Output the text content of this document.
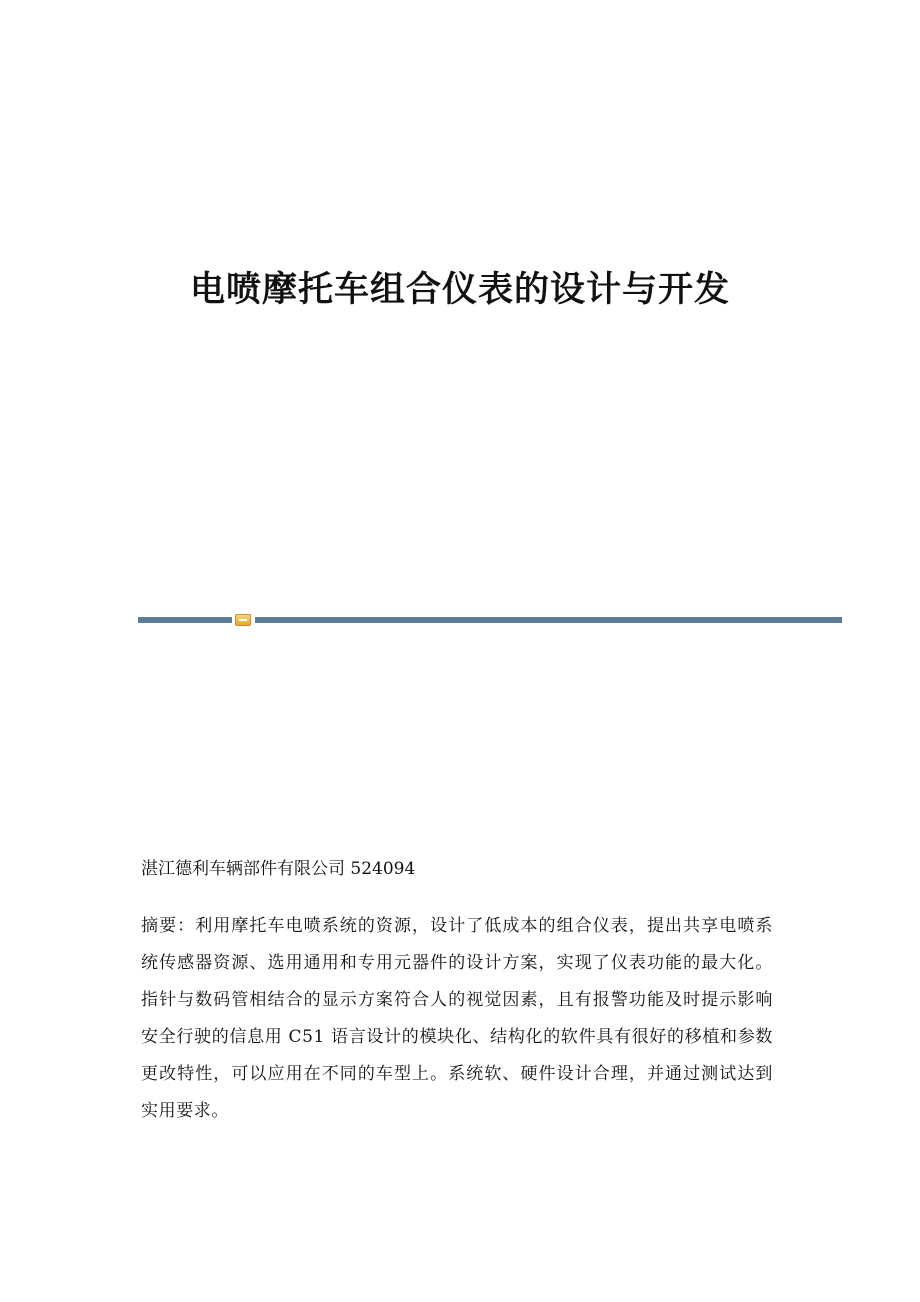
电喷摩托车组合仪表的设计与开发

湛江德利车辆部件有限公司 524094

摘要：利用摩托车电喷系统的资源，设计了低成本的组合仪表，提出共享电喷系统传感器资源、选用通用和专用元器件的设计方案，实现了仪表功能的最大化。指针与数码管相结合的显示方案符合人的视觉因素，且有报警功能及时提示影响安全行驶的信息用 C51 语言设计的模块化、结构化的软件具有很好的移植和参数更改特性，可以应用在不同的车型上。系统软、硬件设计合理，并通过测试达到实用要求。
